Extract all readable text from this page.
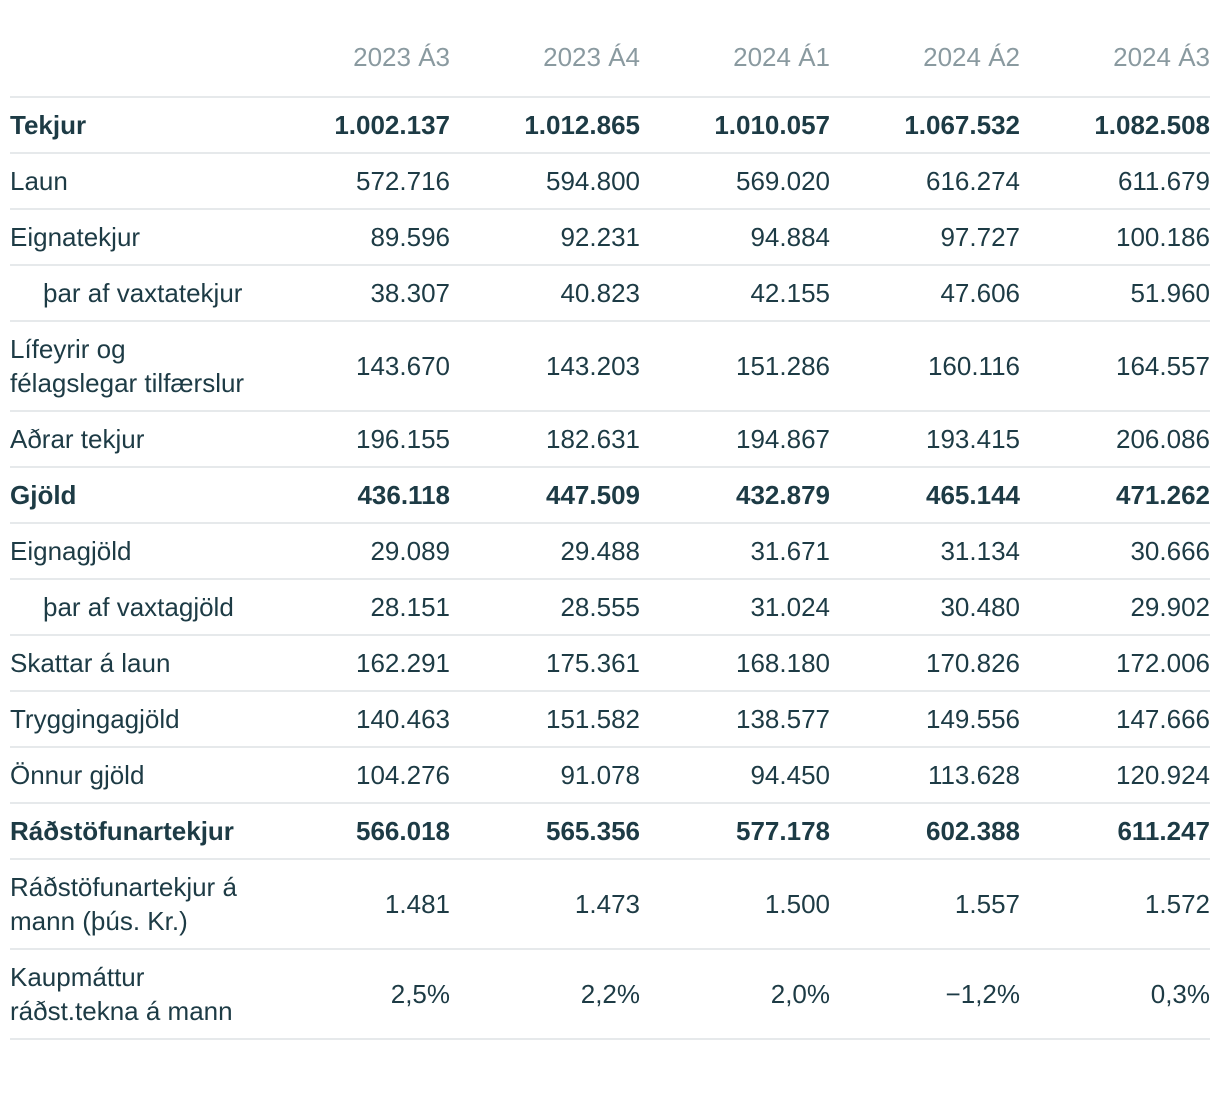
	2023 Á3	2023 Á4	2024 Á1	2024 Á2	2024 Á3
Tekjur	1.002.137	1.012.865	1.010.057	1.067.532	1.082.508
Laun	572.716	594.800	569.020	616.274	611.679
Eignatekjur	89.596	92.231	94.884	97.727	100.186
þar af vaxtatekjur	38.307	40.823	42.155	47.606	51.960
Lífeyrir og félagslegar tilfærslur	143.670	143.203	151.286	160.116	164.557
Aðrar tekjur	196.155	182.631	194.867	193.415	206.086
Gjöld	436.118	447.509	432.879	465.144	471.262
Eignagjöld	29.089	29.488	31.671	31.134	30.666
þar af vaxtagjöld	28.151	28.555	31.024	30.480	29.902
Skattar á laun	162.291	175.361	168.180	170.826	172.006
Tryggingagjöld	140.463	151.582	138.577	149.556	147.666
Önnur gjöld	104.276	91.078	94.450	113.628	120.924
Ráðstöfunartekjur	566.018	565.356	577.178	602.388	611.247
Ráðstöfunartekjur á mann (þús. Kr.)	1.481	1.473	1.500	1.557	1.572
Kaupmáttur ráðst.tekna á mann	2,5%	2,2%	2,0%	−1,2%	0,3%
